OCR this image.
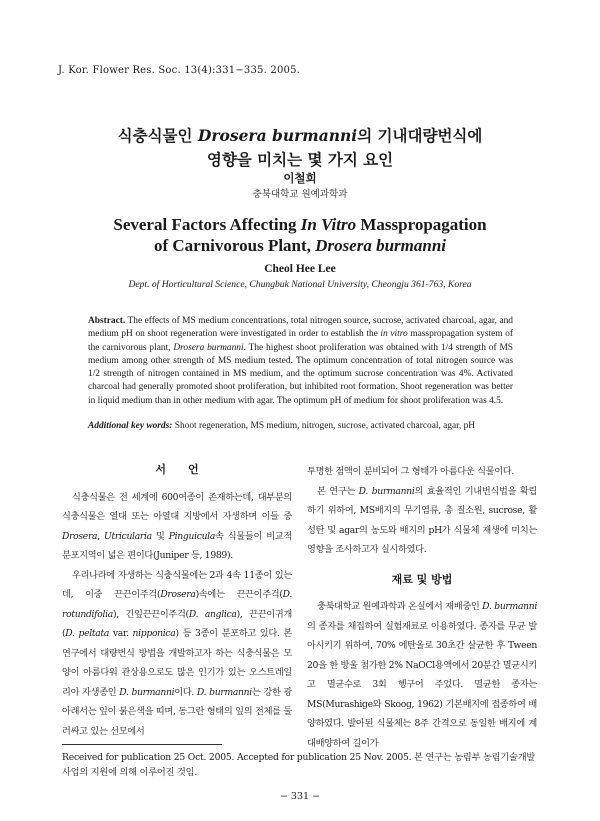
J. Kor. Flower Res. Soc. 13(4):331−335. 2005.
식충식물인 Drosera burmanni의 기내대량번식에
영향을 미치는 몇 가지 요인
이철희
충북대학교 원예과학과
Several Factors Affecting In Vitro Masspropagation
of Carnivorous Plant, Drosera burmanni
Cheol Hee Lee
Dept. of Horticultural Science, Chungbuk National University, Cheongju 361-763, Korea
Abstract. The effects of MS medium concentrations, total nitrogen source, sucrose, activated charcoal, agar, and medium pH on shoot regeneration were investigated in order to establish the in vitro masspropagation system of the carnivorous plant, Drosera burmanni. The highest shoot proliferation was obtained with 1/4 strength of MS medium among other strength of MS medium tested. The optimum concentration of total nitrogen source was 1/2 strength of nitrogen contained in MS medium, and the optimum sucrose concentration was 4%. Activated charcoal had generally promoted shoot proliferation, but inhibited root formation. Shoot regeneration was better in liquid medium than in other medium with agar. The optimum pH of medium for shoot proliferation was 4.5.
Additional key words: Shoot regeneration, MS medium, nitrogen, sucrose, activated charcoal, agar, pH
서언

식충식물은 전 세계에 600여종이 존재하는데, 대부분의 식충식물은 열대 또는 아열대 지방에서 자생하며 이들 중 Drosera, Utricularia 및 Pinguicula속 식물들이 비교적 분포지역이 넓은 편이다(Juniper 등, 1989).

우리나라에 자생하는 식충식물에는 2과 4속 11종이 있는데, 이중 끈끈이주걱(Drosera)속에는 끈끈이주걱(D. rotundifolia), 긴잎끈끈이주걱(D. anglica), 끈끈이귀개(D. peltata var. nipponica) 등 3종이 분포하고 있다. 본 연구에서 대량번식 방법을 개발하고자 하는 식충식물은 모양이 아름다워 관상용으로도 많은 인기가 있는 오스트레일리아 자생종인 D. burmanni이다. D. burmanni는 강한 광 아래서는 잎이 붉은색을 띠며, 동그란 형태의 잎의 전체를 둘러싸고 있는 선모에서

투명한 점액이 분비되어 그 형태가 아름다운 식물이다.

본 연구는 D. burmanni의 효율적인 기내번식법을 확립하기 위하여, MS배지의 무기염류, 총 질소원, sucrose, 활성탄 및 agar의 농도와 배지의 pH가 식물체 재생에 미치는 영향을 조사하고자 실시하였다.

재료 및 방법

충북대학교 원예과학과 온실에서 재배중인 D. burmanni의 종자를 채집하여 실험재료로 이용하였다. 종자를 무균 발아시키기 위하여, 70% 에탄올로 30초간 살균한 후 Tween 20을 한 방울 첨가한 2% NaOCl용액에서 20분간 멸균시키고 멸균수로 3회 헹구어 주었다. 멸균한 종자는 MS(Murashige와 Skoog, 1962) 기본배지에 접종하여 배양하였다. 발아된 식물체는 8주 간격으로 동일한 배지에 계대배양하여 길이가

Received for publication 25 Oct. 2005. Accepted for publication 25 Nov. 2005. 본 연구는 농림부 농림기술개발사업의 지원에 의해 이루어진 것임.
− 331 −
